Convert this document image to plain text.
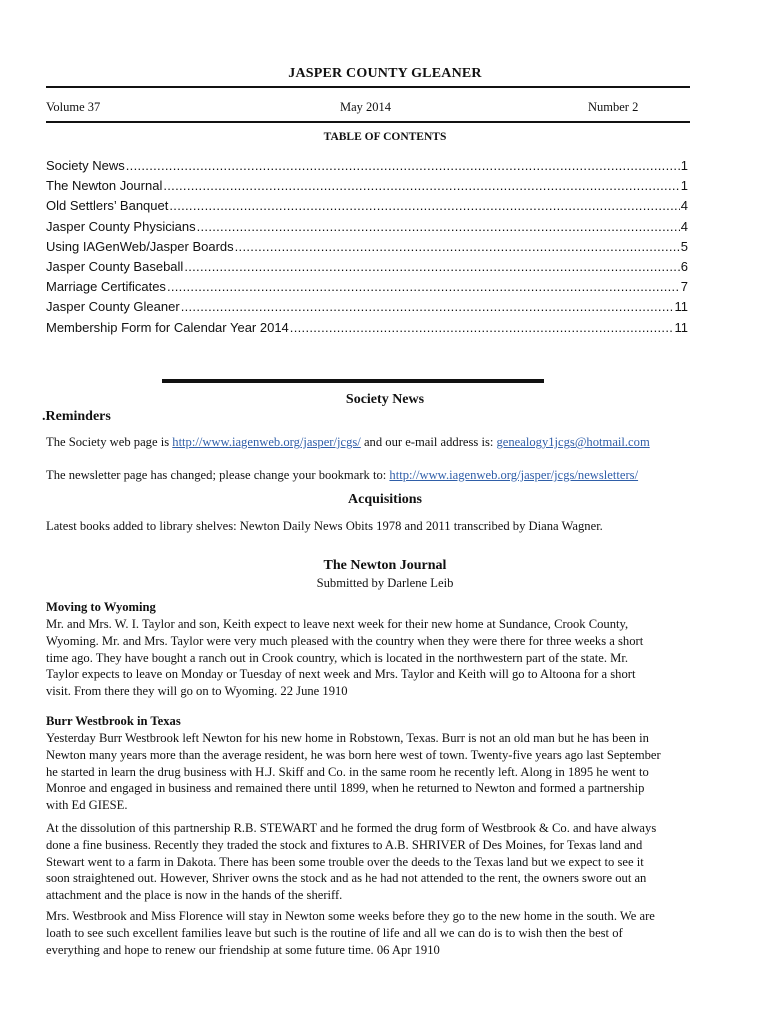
JASPER COUNTY GLEANER
Volume 37	May 2014	Number 2
TABLE OF CONTENTS
Society News .....	1
The Newton Journal .....	1
Old Settlers’ Banquet .....	4
Jasper County Physicians .....	4
Using IAGenWeb/Jasper Boards .....	5
Jasper County Baseball .....	6
Marriage Certificates .....	7
Jasper County Gleaner .....	11
Membership Form for Calendar Year 2014 .....	11
Society News
.Reminders
The Society web page is http://www.iagenweb.org/jasper/jcgs/ and our e-mail address is: genealogy1jcgs@hotmail.com
The newsletter page has changed; please change your bookmark to: http://www.iagenweb.org/jasper/jcgs/newsletters/
Acquisitions
Latest books added to library shelves: Newton Daily News Obits 1978 and 2011 transcribed by Diana Wagner.
The Newton Journal
Submitted by Darlene Leib
Moving to Wyoming
Mr. and Mrs. W. I. Taylor and son, Keith expect to leave next week for their new home at Sundance, Crook County,
Wyoming. Mr. and Mrs. Taylor were very much pleased with the country when they were there for three weeks a short
time ago. They have bought a ranch out in Crook country, which is located in the northwestern part of the state. Mr.
Taylor expects to leave on Monday or Tuesday of next week and Mrs. Taylor and Keith will go to Altoona for a short
visit. From there they will go on to Wyoming. 22 June 1910
Burr Westbrook in Texas
Yesterday Burr Westbrook left Newton for his new home in Robstown, Texas. Burr is not an old man but he has been in
Newton many years more than the average resident, he was born here west of town. Twenty-five years ago last September
he started in learn the drug business with H.J. Skiff and Co. in the same room he recently left. Along in 1895 he went to
Monroe and engaged in business and remained there until 1899, when he returned to Newton and formed a partnership
with Ed GIESE.
At the dissolution of this partnership R.B. STEWART and he formed the drug form of Westbrook & Co. and have always
done a fine business. Recently they traded the stock and fixtures to A.B. SHRIVER of Des Moines, for Texas land and
Stewart went to a farm in Dakota. There has been some trouble over the deeds to the Texas land but we expect to see it
soon straightened out. However, Shriver owns the stock and as he had not attended to the rent, the owners swore out an
attachment and the place is now in the hands of the sheriff.
Mrs. Westbrook and Miss Florence will stay in Newton some weeks before they go to the new home in the south. We are
loath to see such excellent families leave but such is the routine of life and all we can do is to wish then the best of
everything and hope to renew our friendship at some future time. 06 Apr 1910
